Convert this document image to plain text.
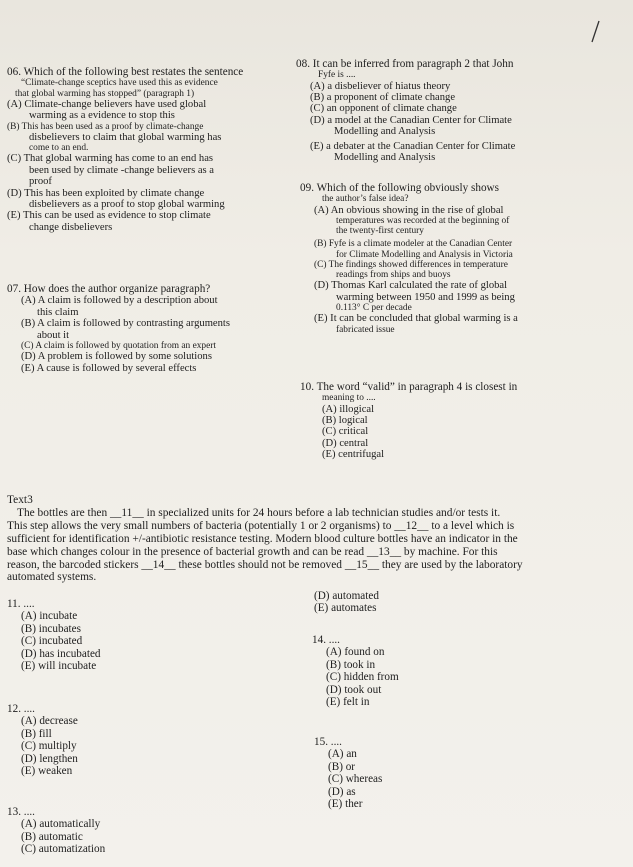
06. Which of the following best restates the sentence
“Climate-change sceptics have used this as evidence
that global warming has stopped” (paragraph 1)
(A) Climate-change believers have used global
warming as a evidence to stop this
(B) This has been used as a proof by climate-change
disbelievers to claim that global warming has
come to an end.
(C) That global warming has come to an end has
been used by climate -change believers as a
proof
(D) This has been exploited by climate change
disbelievers as a proof to stop global warming
(E) This can be used as evidence to stop climate
change disbelievers
07. How does the author organize paragraph?
(A) A claim is followed by a description about
this claim
(B) A claim is followed by contrasting arguments
about it
(C) A claim is followed by quotation from an expert
(D) A problem is followed by some solutions
(E) A cause is followed by several effects
08. It can be inferred from paragraph 2 that John
Fyfe is ....
(A) a disbeliever of hiatus theory
(B) a proponent of climate change
(C) an opponent of climate change
(D) a model at the Canadian Center for Climate
Modelling and Analysis
(E) a debater at the Canadian Center for Climate
Modelling and Analysis
09. Which of the following obviously shows
the author’s false idea?
(A) An obvious showing in the rise of global
temperatures was recorded at the beginning of
the twenty-first century
(B) Fyfe is a climate modeler at the Canadian Center
for Climate Modelling and Analysis in Victoria
(C) The findings showed differences in temperature
readings from ships and buoys
(D) Thomas Karl calculated the rate of global
warming between 1950 and 1999 as being
0.113° C per decade
(E) It can be concluded that global warming is a
fabricated issue
10. The word “valid” in paragraph 4 is closest in
meaning to ....
(A) illogical
(B) logical
(C) critical
(D) central
(E) centrifugal
Text3
The bottles are then __11__ in specialized units for 24 hours before a lab technician studies and/or tests it.
This step allows the very small numbers of bacteria (potentially 1 or 2 organisms) to __12__ to a level which is
sufficient for identification +/-antibiotic resistance testing. Modern blood culture bottles have an indicator in the
base which changes colour in the presence of bacterial growth and can be read __13__ by machine. For this
reason, the barcoded stickers __14__ these bottles should not be removed __15__ they are used by the laboratory
automated systems.
11. ....
(A) incubate
(B) incubates
(C) incubated
(D) has incubated
(E) will incubate
12. ....
(A) decrease
(B) fill
(C) multiply
(D) lengthen
(E) weaken
13. ....
(A) automatically
(B) automatic
(C) automatization
(D) automated
(E) automates
14. ....
(A) found on
(B) took in
(C) hidden from
(D) took out
(E) felt in
15. ....
(A) an
(B) or
(C) whereas
(D) as
(E) ther
